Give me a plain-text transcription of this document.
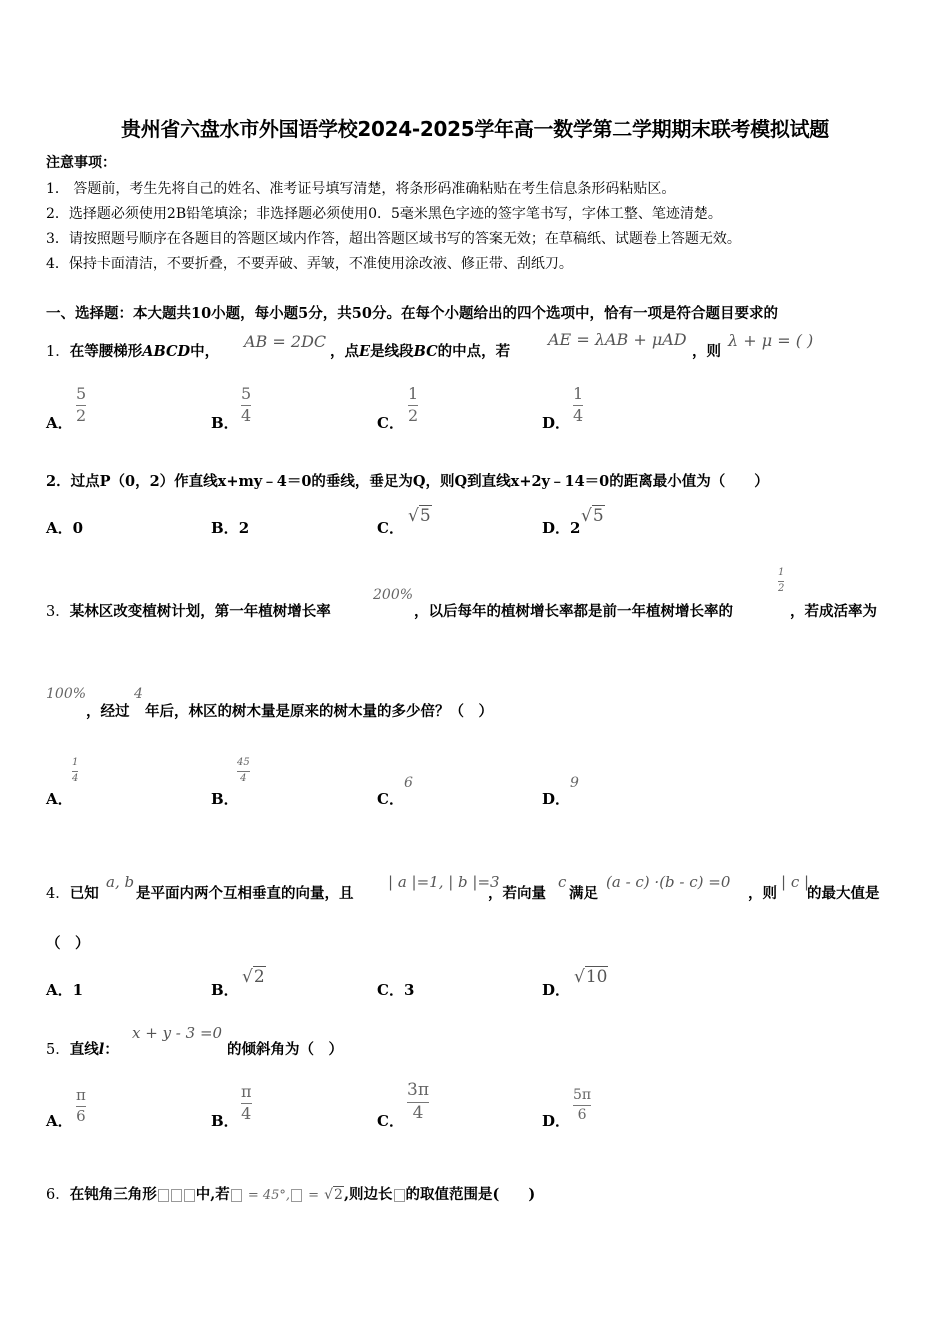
贵州省六盘水市外国语学校2024-2025学年高一数学第二学期期末联考模拟试题
注意事项：
1． 答题前，考生先将自己的姓名、准考证号填写清楚，将条形码准确粘贴在考生信息条形码粘贴区。
2．选择题必须使用2B铅笔填涂；非选择题必须使用0．5毫米黑色字迹的签字笔书写，字体工整、笔迹清楚。
3．请按照题号顺序在各题目的答题区域内作答，超出答题区域书写的答案无效；在草稿纸、试题卷上答题无效。
4．保持卡面清洁，不要折叠，不要弄破、弄皱，不准使用涂改液、修正带、刮纸刀。
一、选择题：本大题共10小题，每小题5分，共50分。在每个小题给出的四个选项中，恰有一项是符合题目要求的
1．在等腰梯形ABCD中，
AB = 2DC
，点E是线段BC的中点，若
AE = λAB + μAD
，则
λ + μ = ( )
A．
5
2	B．
5
4	C．
1
2	D．
1
4
2．过点P（0，2）作直线x+my﹣4＝0的垂线，垂足为Q，则Q到直线x+2y﹣14＝0的距离最小值为（　　）
A．0	B．2	C．
√5
D．2
√5
3．某林区改变植树计划，第一年植树增长率
200%
，以后每年的植树增长率都是前一年植树增长率的
1
2
，若成活率为
100%
，经过
4
年后，林区的树木量是原来的树木量的多少倍？（　）
A．
1
4
B．
45
4
C．
6
D．
9
4．已知
a, b
是平面内两个互相垂直的向量，且
| a |=1, | b |=3
，若向量
c
满足
(a - c) ·(b - c) =0
，则
| c |
的最大值是
（　）
A．1	B．
√2
C．3	D．
√10
5．直线l：
x + y - 3 =0
的倾斜角为（　）
A．
π
6	B．
π
4	C．
3π
4	D．
5π
6
6．在钝角三角形	中,若 = 45°, = √2,则边长 的取值范围是(　　)
